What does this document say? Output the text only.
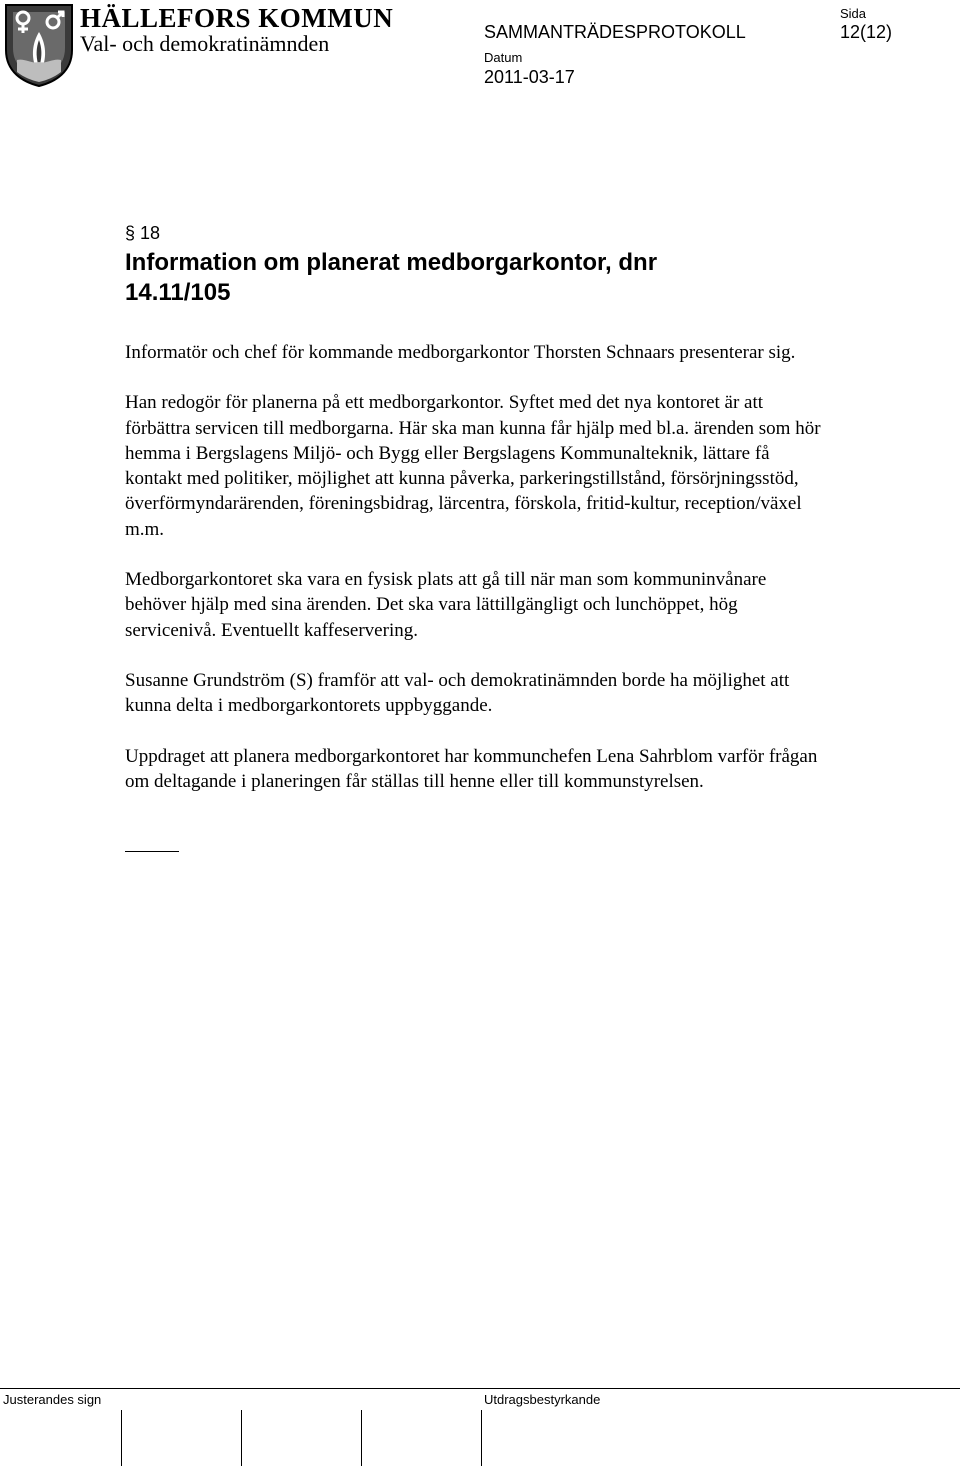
HÄLLEFORS KOMMUN
Val- och demokratinämnden	SAMMANTRÄDESPROTOKOLL
Datum
2011-03-17
Sida
12(12)
§ 18
Information om planerat medborgarkontor, dnr 14.11/105

Informatör och chef för kommande medborgarkontor Thorsten Schnaars presenterar sig.

Han redogör för planerna på ett medborgarkontor. Syftet med det nya kontoret är att förbättra servicen till medborgarna. Här ska man kunna får hjälp med bl.a. ärenden som hör hemma i Bergslagens Miljö- och Bygg eller Bergslagens Kommunalteknik, lättare få kontakt med politiker, möjlighet att kunna påverka, parkeringstillstånd, försörjningsstöd, överförmyndarärenden, föreningsbidrag, lärcentra, förskola, fritid-kultur, reception/växel m.m.

Medborgarkontoret ska vara en fysisk plats att gå till när man som kommuninvånare behöver hjälp med sina ärenden. Det ska vara lättillgängligt och lunchöppet, hög servicenivå. Eventuellt kaffeservering.

Susanne Grundström (S) framför att val- och demokratinämnden borde ha möjlighet att kunna delta i medborgarkontorets uppbyggande.

Uppdraget att planera medborgarkontoret har kommunchefen Lena Sahrblom varför frågan om deltagande i planeringen får ställas till henne eller till kommunstyrelsen.

Justerandes sign	Utdragsbestyrkande
